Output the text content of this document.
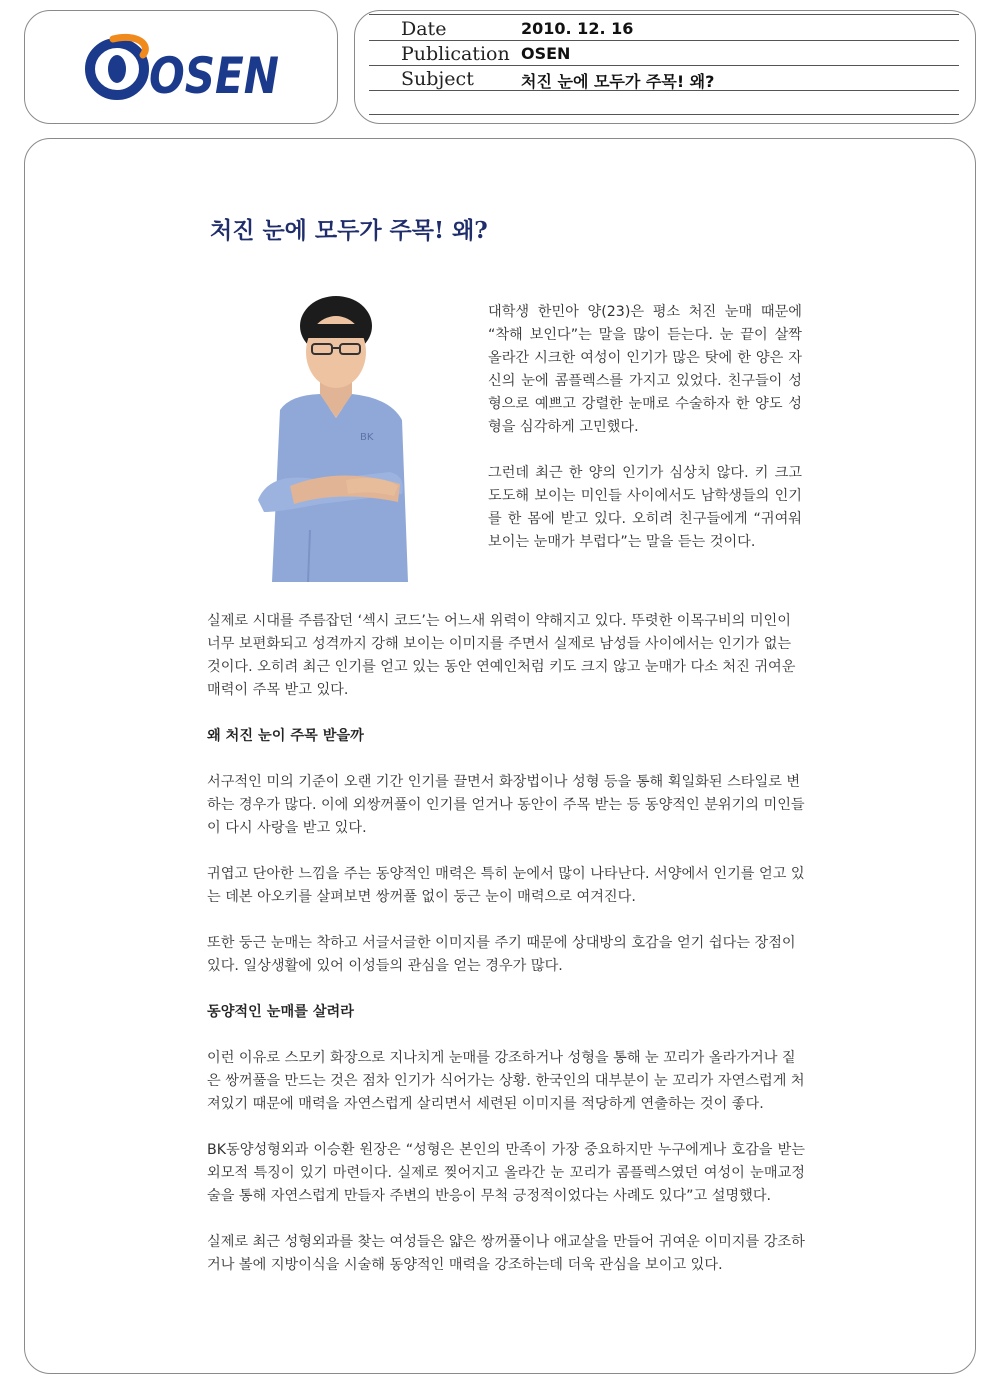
OSEN
Date	2010. 12. 16
Publication OSEN
Subject	처진 눈에 모두가 주목! 왜?
처진 눈에 모두가 주목! 왜?
BK

대학생 한민아 양(23)은 평소 처진 눈매 때문에 “착해 보인다”는 말을 많이 듣는다. 눈 끝이 살짝 올라간 시크한 여성이 인기가 많은 탓에 한 양은 자신의 눈에 콤플렉스를 가지고 있었다. 친구들이 성형으로 예쁘고 강렬한 눈매로 수술하자 한 양도 성형을 심각하게 고민했다.

그런데 최근 한 양의 인기가 심상치 않다. 키 크고 도도해 보이는 미인들 사이에서도 남학생들의 인기를 한 몸에 받고 있다. 오히려 친구들에게 “귀여워 보이는 눈매가 부럽다”는 말을 듣는 것이다.

실제로 시대를 주름잡던 ‘섹시 코드’는 어느새 위력이 약해지고 있다. 뚜렷한 이목구비의 미인이 너무 보편화되고 성격까지 강해 보이는 이미지를 주면서 실제로 남성들 사이에서는 인기가 없는 것이다. 오히려 최근 인기를 얻고 있는 동안 연예인처럼 키도 크지 않고 눈매가 다소 처진 귀여운 매력이 주목 받고 있다.

왜 처진 눈이 주목 받을까

서구적인 미의 기준이 오랜 기간 인기를 끌면서 화장법이나 성형 등을 통해 획일화된 스타일로 변하는 경우가 많다. 이에 외쌍꺼풀이 인기를 얻거나 동안이 주목 받는 등 동양적인 분위기의 미인들이 다시 사랑을 받고 있다.

귀엽고 단아한 느낌을 주는 동양적인 매력은 특히 눈에서 많이 나타난다. 서양에서 인기를 얻고 있는 데본 아오키를 살펴보면 쌍꺼풀 없이 둥근 눈이 매력으로 여겨진다.

또한 둥근 눈매는 착하고 서글서글한 이미지를 주기 때문에 상대방의 호감을 얻기 쉽다는 장점이 있다. 일상생활에 있어 이성들의 관심을 얻는 경우가 많다.

동양적인 눈매를 살려라

이런 이유로 스모키 화장으로 지나치게 눈매를 강조하거나 성형을 통해 눈 꼬리가 올라가거나 짙은 쌍꺼풀을 만드는 것은 점차 인기가 식어가는 상황. 한국인의 대부분이 눈 꼬리가 자연스럽게 처져있기 때문에 매력을 자연스럽게 살리면서 세련된 이미지를 적당하게 연출하는 것이 좋다.

BK동양성형외과 이승환 원장은 “성형은 본인의 만족이 가장 중요하지만 누구에게나 호감을 받는 외모적 특징이 있기 마련이다. 실제로 찢어지고 올라간 눈 꼬리가 콤플렉스였던 여성이 눈매교정술을 통해 자연스럽게 만들자 주변의 반응이 무척 긍정적이었다는 사례도 있다”고 설명했다.

실제로 최근 성형외과를 찾는 여성들은 얇은 쌍꺼풀이나 애교살을 만들어 귀여운 이미지를 강조하거나 볼에 지방이식을 시술해 동양적인 매력을 강조하는데 더욱 관심을 보이고 있다.
